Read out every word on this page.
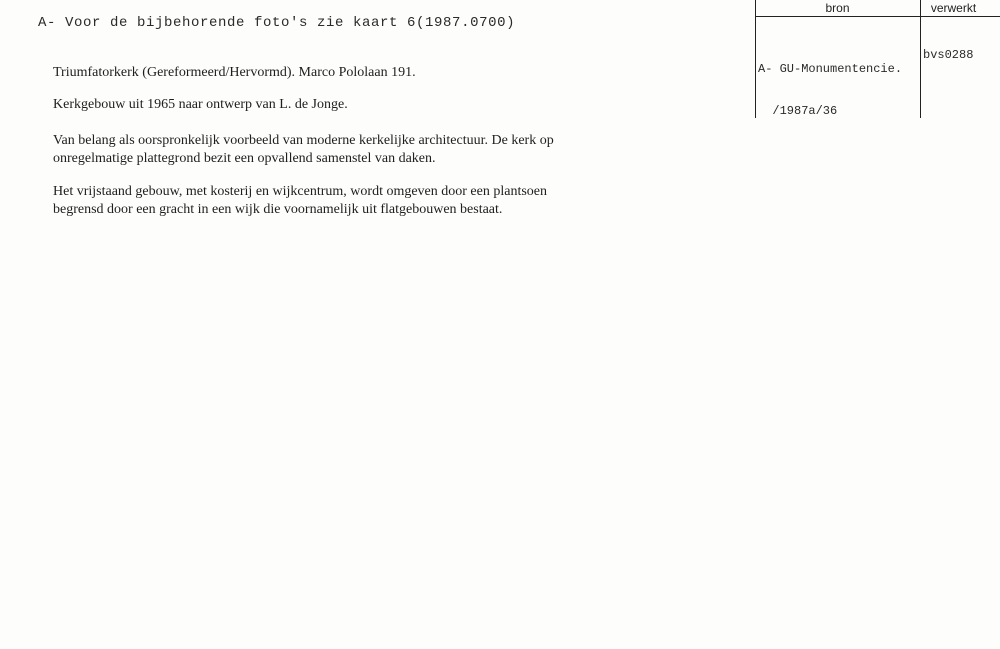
A- Voor de bijbehorende foto's zie kaart 6(1987.0700)

Triumfatorkerk (Gereformeerd/Hervormd). Marco Pololaan 191.

Kerkgebouw uit 1965 naar ontwerp van L. de Jonge.

Van belang als oorspronkelijk voorbeeld van moderne kerkelijke architectuur. De kerk op
onregelmatige plattegrond bezit een opvallend samenstel van daken.
Het vrijstaand gebouw, met kosterij en wijkcentrum, wordt omgeven door een plantsoen
begrensd door een gracht in een wijk die voornamelijk uit flatgebouwen bestaat.
bron	verwerkt

A- GU-Monumentencie.

/1987a/36

bvs0288
